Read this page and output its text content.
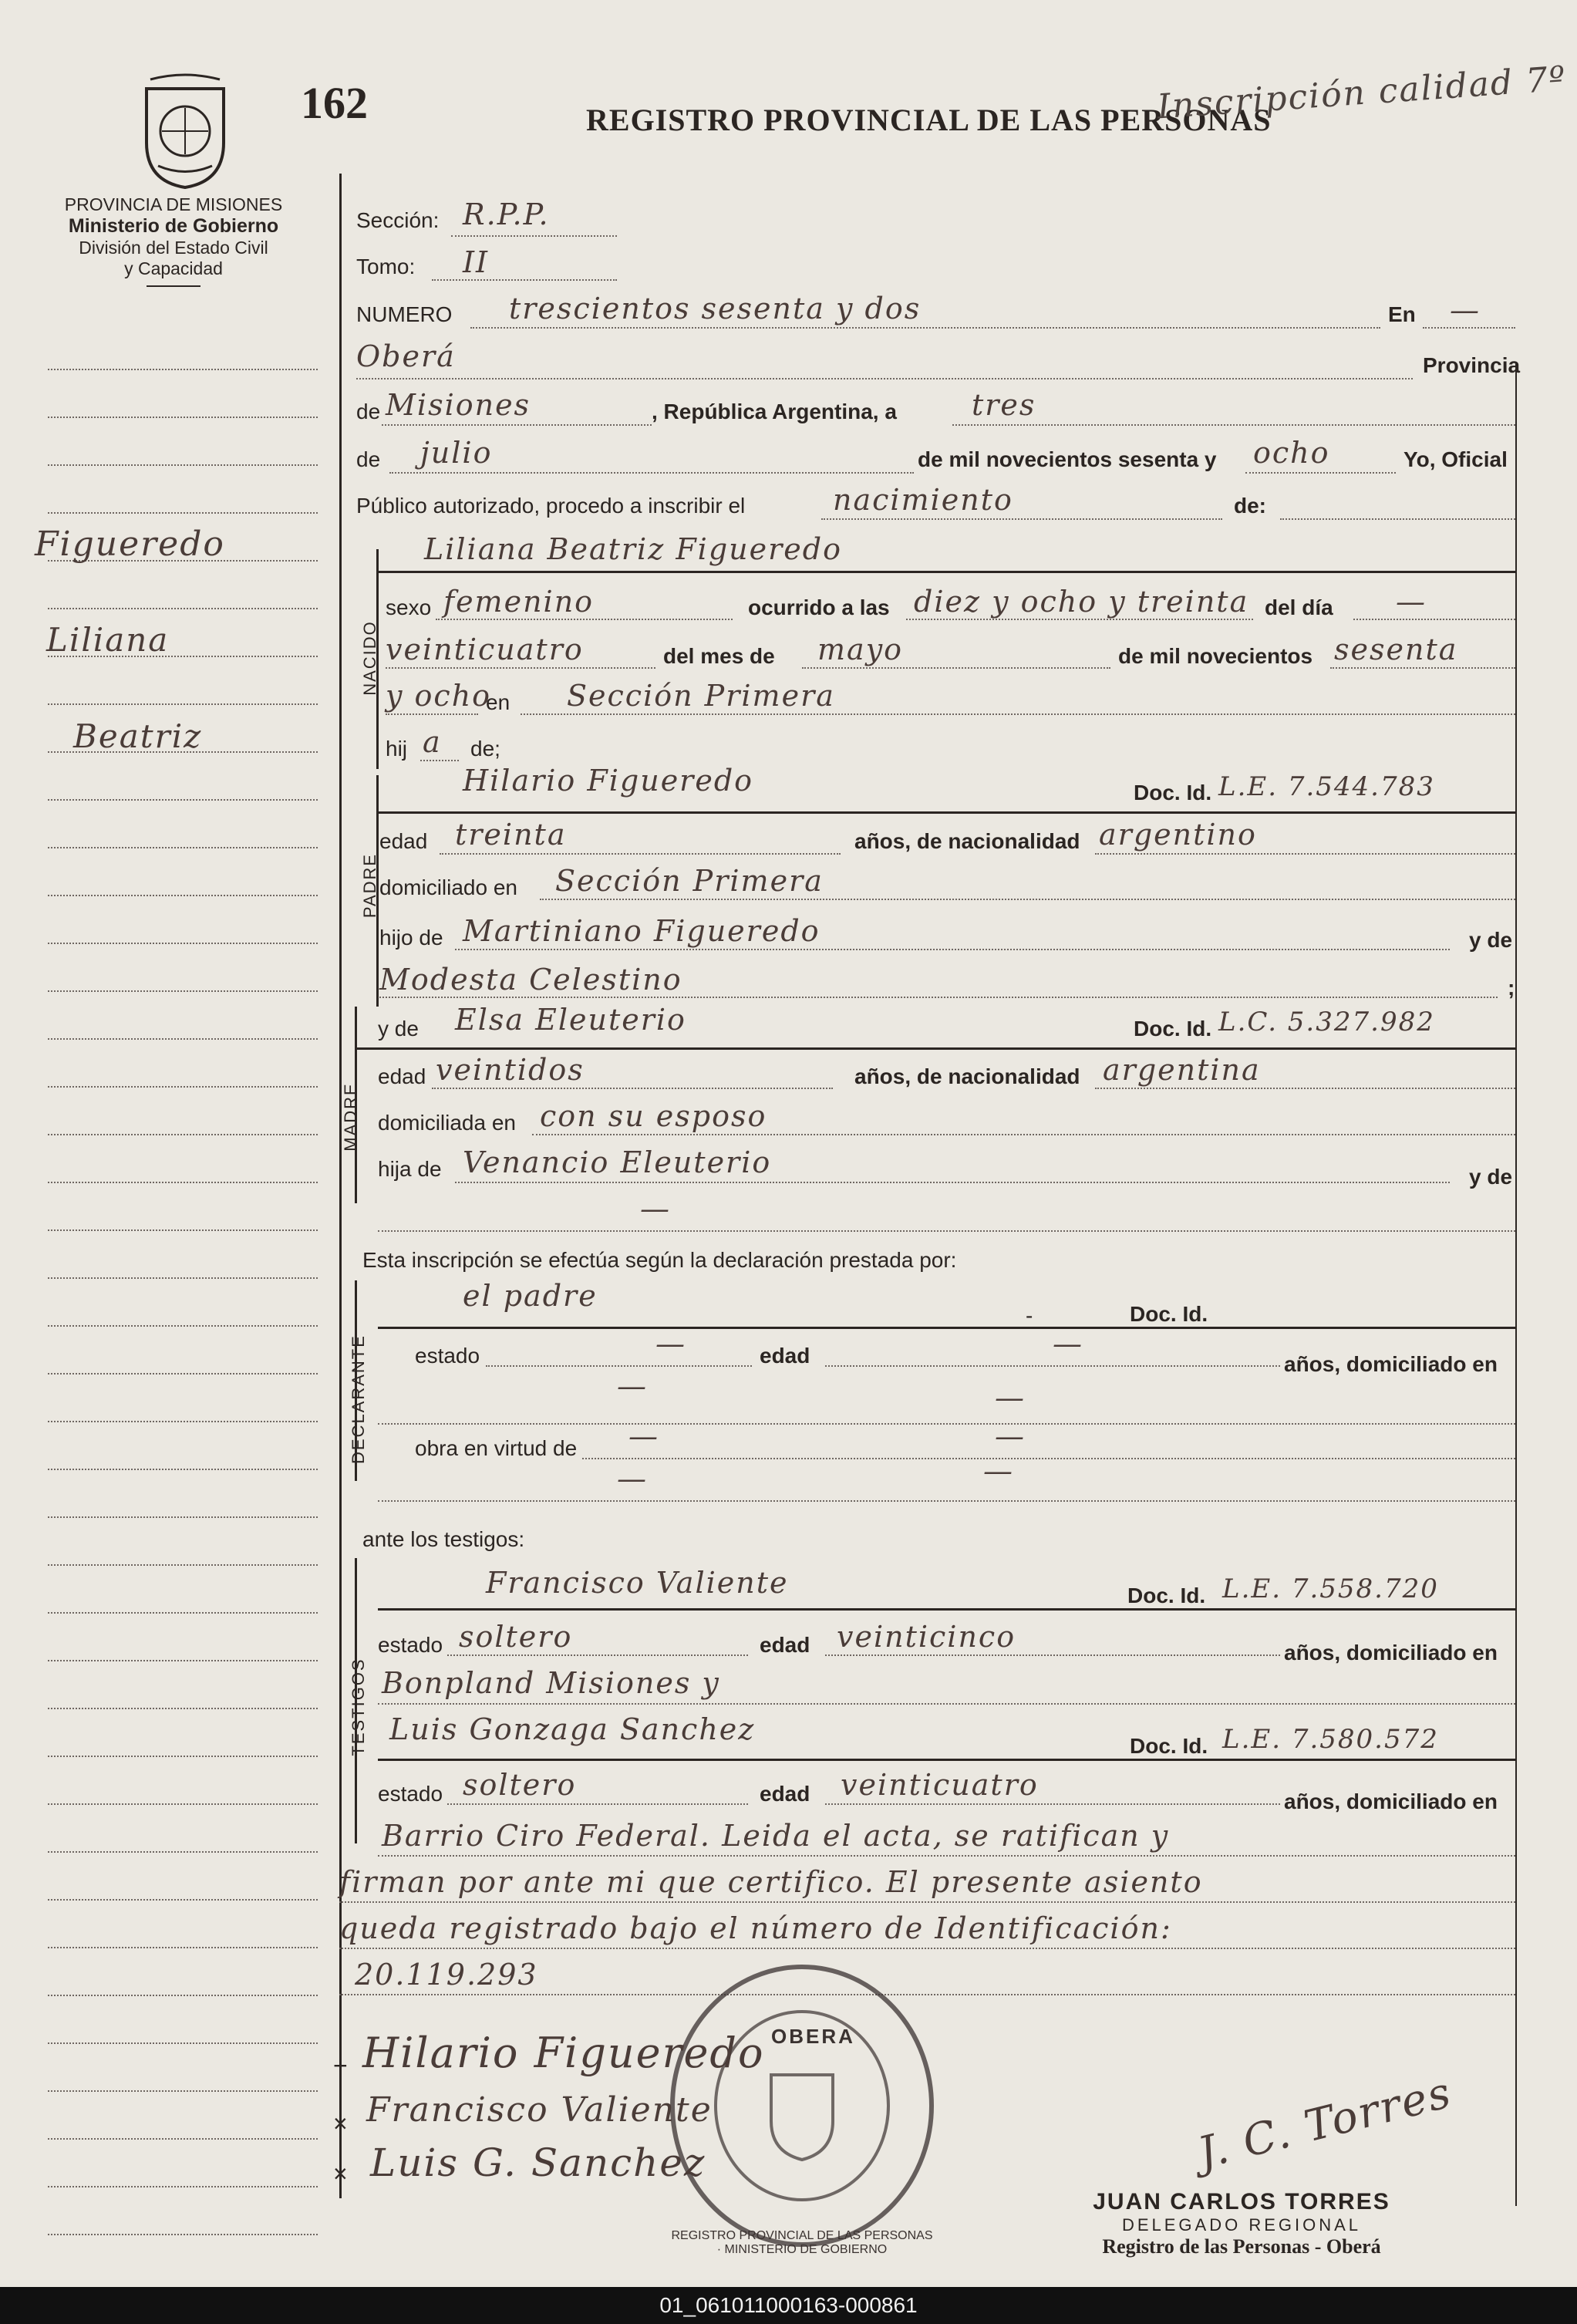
162	REGISTRO PROVINCIAL DE LAS PERSONAS
Inscripción calidad 7º
PROVINCIA DE MISIONES
Ministerio de Gobierno
División del Estado Civil
y Capacidad
Figueredo
Liliana
Beatriz
Sección: R.P.P.
Tomo: II
NUMERO trescientos sesenta y dos	En —
Oberá	Provincia
de Misiones	, República Argentina, a	tres
de julio	de mil novecientos sesenta y ocho	Yo, Oficial
Público autorizado, procedo a inscribir el	nacimiento	de:
NACIDO
Liliana Beatriz Figueredo
sexo femenino	ocurrido a las diez y ocho y treinta del día —
veinticuatro	del mes de mayo	de mil novecientos sesenta
y ocho
en Sección Primera
hij a de;
PADRE
Hilario Figueredo	Doc. Id. L.E. 7.544.783
edad treinta	años, de nacionalidad argentino
domiciliado en Sección Primera
hijo de Martiniano Figueredo	y de
Modesta Celestino	;
MADRE
y de Elsa Eleuterio	Doc. Id. L.C. 5.327.982
edad veintidos	años, de nacionalidad argentina
domiciliada en con su esposo
hija de Venancio Eleuterio	y de
—
Esta inscripción se efectúa según la declaración prestada por:
DECLARANTE
el padre
-	Doc. Id.
estado	—	edad	—
años, domiciliado en
—	—
obra en virtud de —	—
—	—
ante los testigos:
TESTIGOS
Francisco Valiente	Doc. Id. L.E. 7.558.720
estado soltero	edad veinticinco	años, domiciliado en
Bonpland Misiones y
Luis Gonzaga Sanchez	Doc. Id. L.E. 7.580.572
estado soltero	edad veinticuatro	años, domiciliado en
Barrio Ciro Federal. Leida el acta, se ratifican y
firman por ante mi que certifico. El presente asiento
queda registrado bajo el número de Identificación:
20.119.293
OBERA
REGISTRO PROVINCIAL DE LAS PERSONAS · MINISTERIO DE GOBIERNO
+ Hilario Figueredo
× Francisco Valiente
× Luis G. Sanchez	J. C. Torres
JUAN CARLOS TORRES
DELEGADO REGIONAL
Registro de las Personas - Oberá
01_061011000163-000861
